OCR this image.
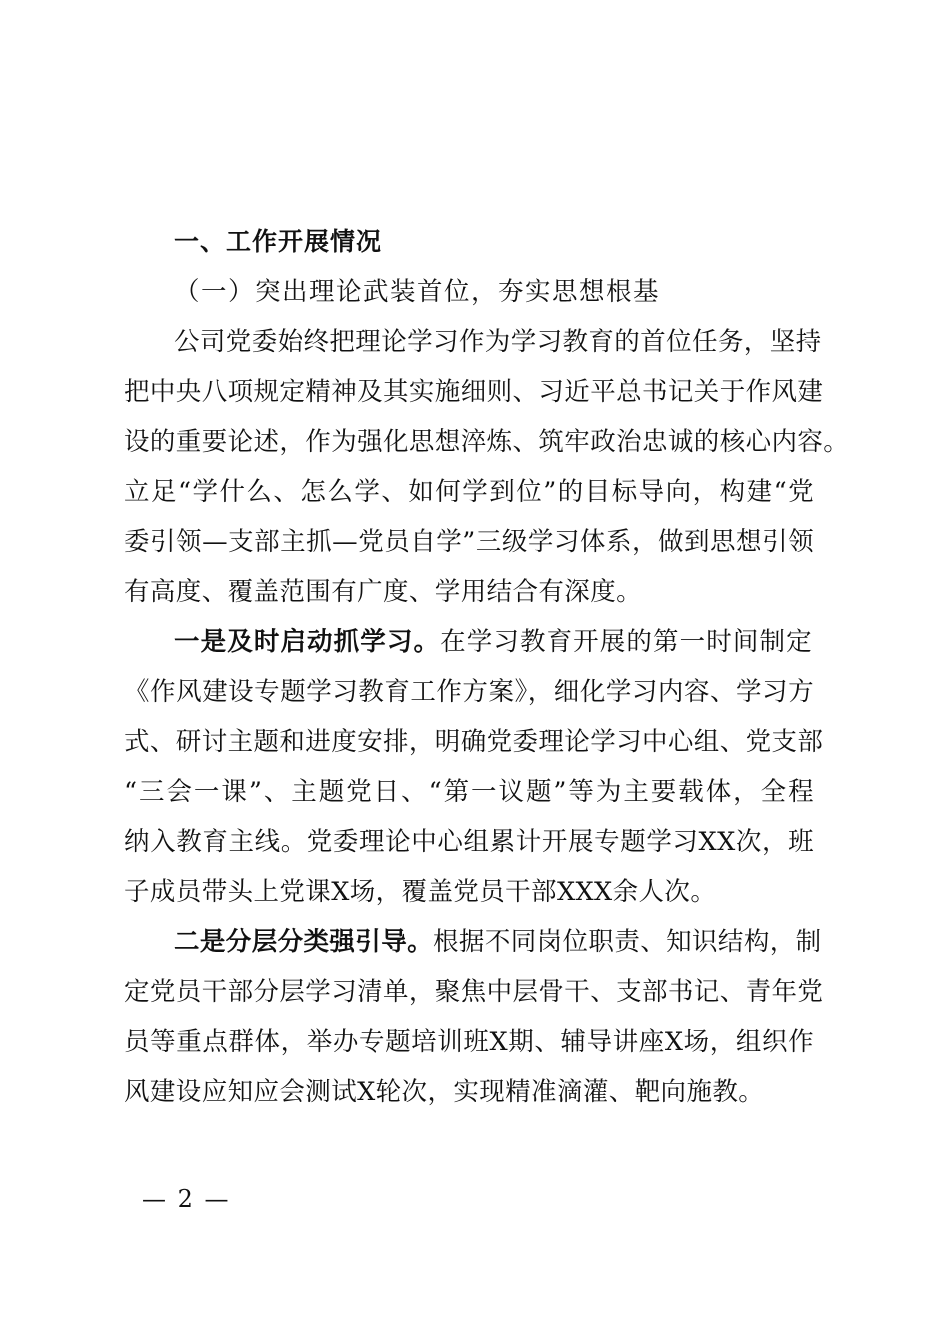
一、工作开展情况
（一）突出理论武装首位，夯实思想根基
公司党委始终把理论学习作为学习教育的首位任务，坚持
把中央八项规定精神及其实施细则、习近平总书记关于作风建
设的重要论述，作为强化思想淬炼、筑牢政治忠诚的核心内容。
立足“学什么、怎么学、如何学到位”的目标导向，构建“党
委引领—支部主抓—党员自学”三级学习体系，做到思想引领
有高度、覆盖范围有广度、学用结合有深度。
一是及时启动抓学习。在学习教育开展的第一时间制定
《作风建设专题学习教育工作方案》，细化学习内容、学习方
式、研讨主题和进度安排，明确党委理论学习中心组、党支部
“三会一课”、主题党日、“第一议题”等为主要载体，全程
纳入教育主线。党委理论中心组累计开展专题学习XX次，班
子成员带头上党课X场，覆盖党员干部XXX余人次。
二是分层分类强引导。根据不同岗位职责、知识结构，制
定党员干部分层学习清单，聚焦中层骨干、支部书记、青年党
员等重点群体，举办专题培训班X期、辅导讲座X场，组织作
风建设应知应会测试X轮次，实现精准滴灌、靶向施教。
— 2 —
